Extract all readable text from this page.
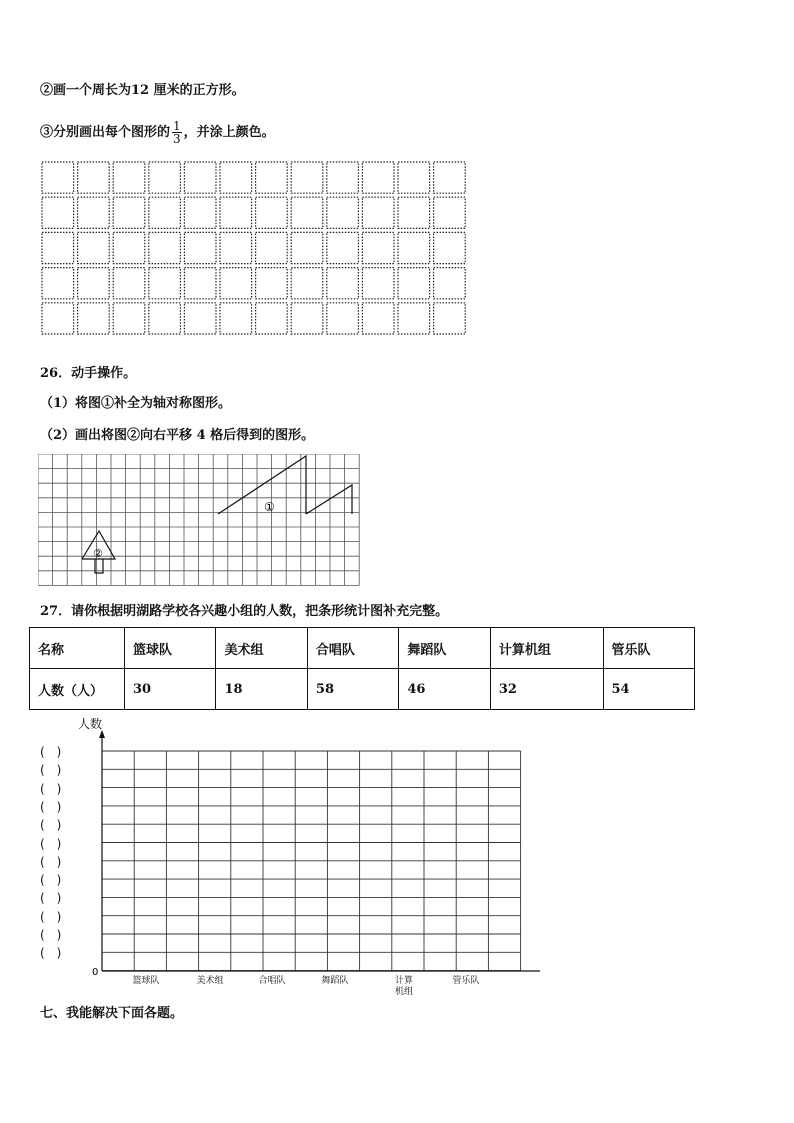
②画一个周长为12 厘米的正方形。
③分别画出每个图形的 $\frac{1}{3}$ ，并涂上颜色。
26．动手操作。
（1）将图①补全为轴对称图形。
（2）画出将图②向右平移 4 格后得到的图形。
①
②
27．请你根据明湖路学校各兴趣小组的人数，把条形统计图补充完整。
名称	篮球队	美术组	合唱队	舞蹈队	计算机组	管乐队
人数（人）	30	18	58	46	32	54
人数
(　)
(　)
(　)
(　)
(　)
(　)
(　)
(　)
(　)
(　)
(　)
(　)
0
篮球队	美术组	合唱队	舞蹈队	计算
机组
管乐队
七、我能解决下面各题。
